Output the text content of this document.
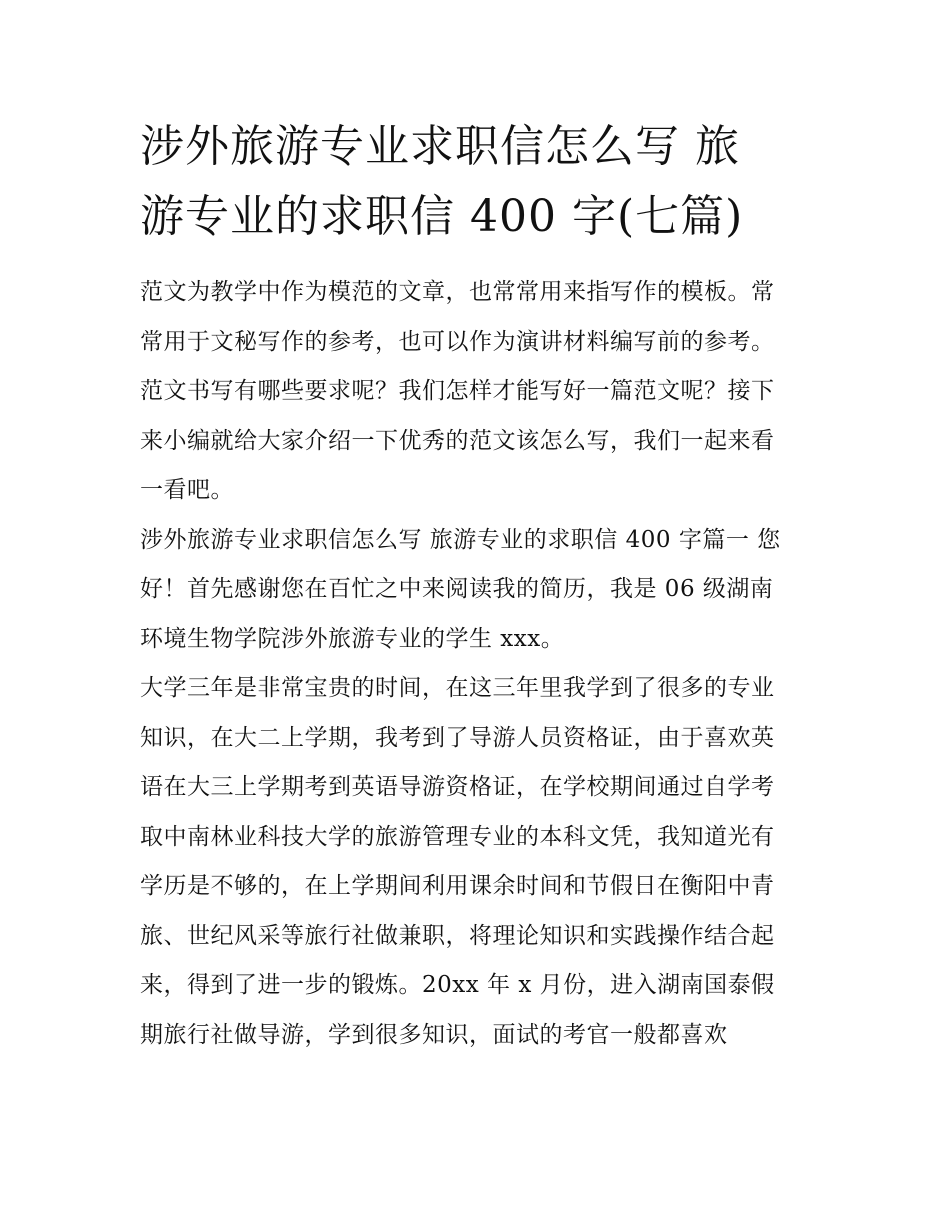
涉外旅游专业求职信怎么写 旅
游专业的求职信 400 字(七篇)
范文为教学中作为模范的文章，也常常用来指写作的模板。常
常用于文秘写作的参考，也可以作为演讲材料编写前的参考。
范文书写有哪些要求呢？我们怎样才能写好一篇范文呢？接下
来小编就给大家介绍一下优秀的范文该怎么写，我们一起来看
一看吧。
涉外旅游专业求职信怎么写 旅游专业的求职信 400 字篇一 您
好！首先感谢您在百忙之中来阅读我的简历，我是 06 级湖南
环境生物学院涉外旅游专业的学生 xxx。
大学三年是非常宝贵的时间，在这三年里我学到了很多的专业
知识，在大二上学期，我考到了导游人员资格证，由于喜欢英
语在大三上学期考到英语导游资格证，在学校期间通过自学考
取中南林业科技大学的旅游管理专业的本科文凭，我知道光有
学历是不够的，在上学期间利用课余时间和节假日在衡阳中青
旅、世纪风采等旅行社做兼职，将理论知识和实践操作结合起
来，得到了进一步的锻炼。20xx 年 x 月份，进入湖南国泰假
期旅行社做导游，学到很多知识，面试的考官一般都喜欢
